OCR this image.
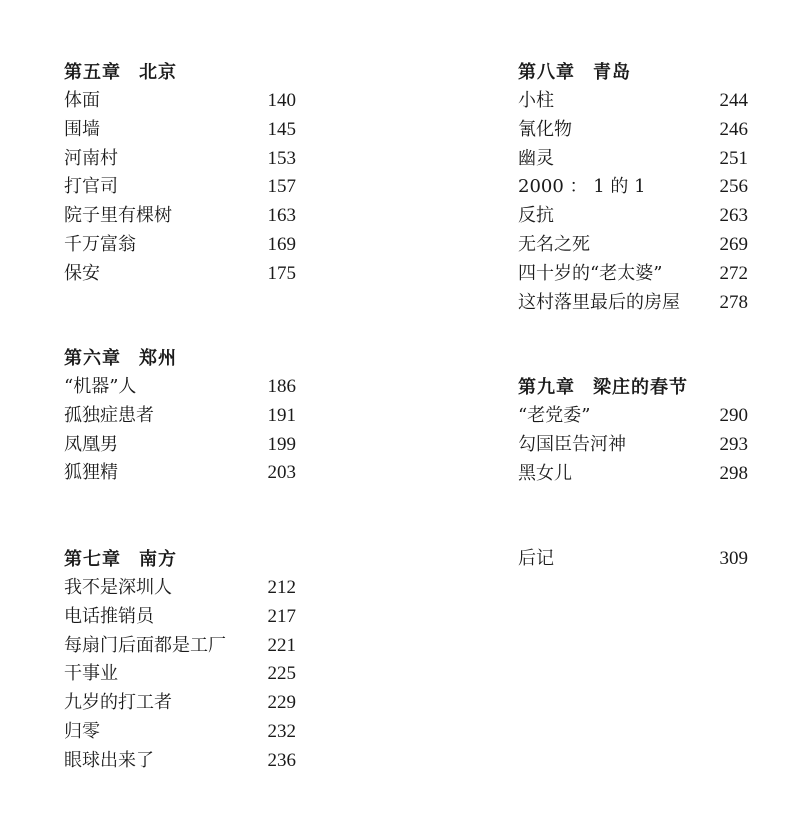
第五章 北京
体面	140
围墙	145
河南村	153
打官司	157
院子里有棵树	163
千万富翁	169
保安	175
第六章 郑州
“机器”人	186
孤独症患者	191
凤凰男	199
狐狸精	203
第七章 南方
我不是深圳人	212
电话推销员	217
每扇门后面都是工厂 221
干事业	225
九岁的打工者	229
归零	232
眼球出来了	236
第八章 青岛
小柱	244
氰化物	246
幽灵	251
2000 ： 1 的 1	256
反抗	263
无名之死	269
四十岁的“老太婆”	272
这村落里最后的房屋 278
第九章 梁庄的春节
“老党委”	290
勾国臣告河神	293
黑女儿	298
后记	309
